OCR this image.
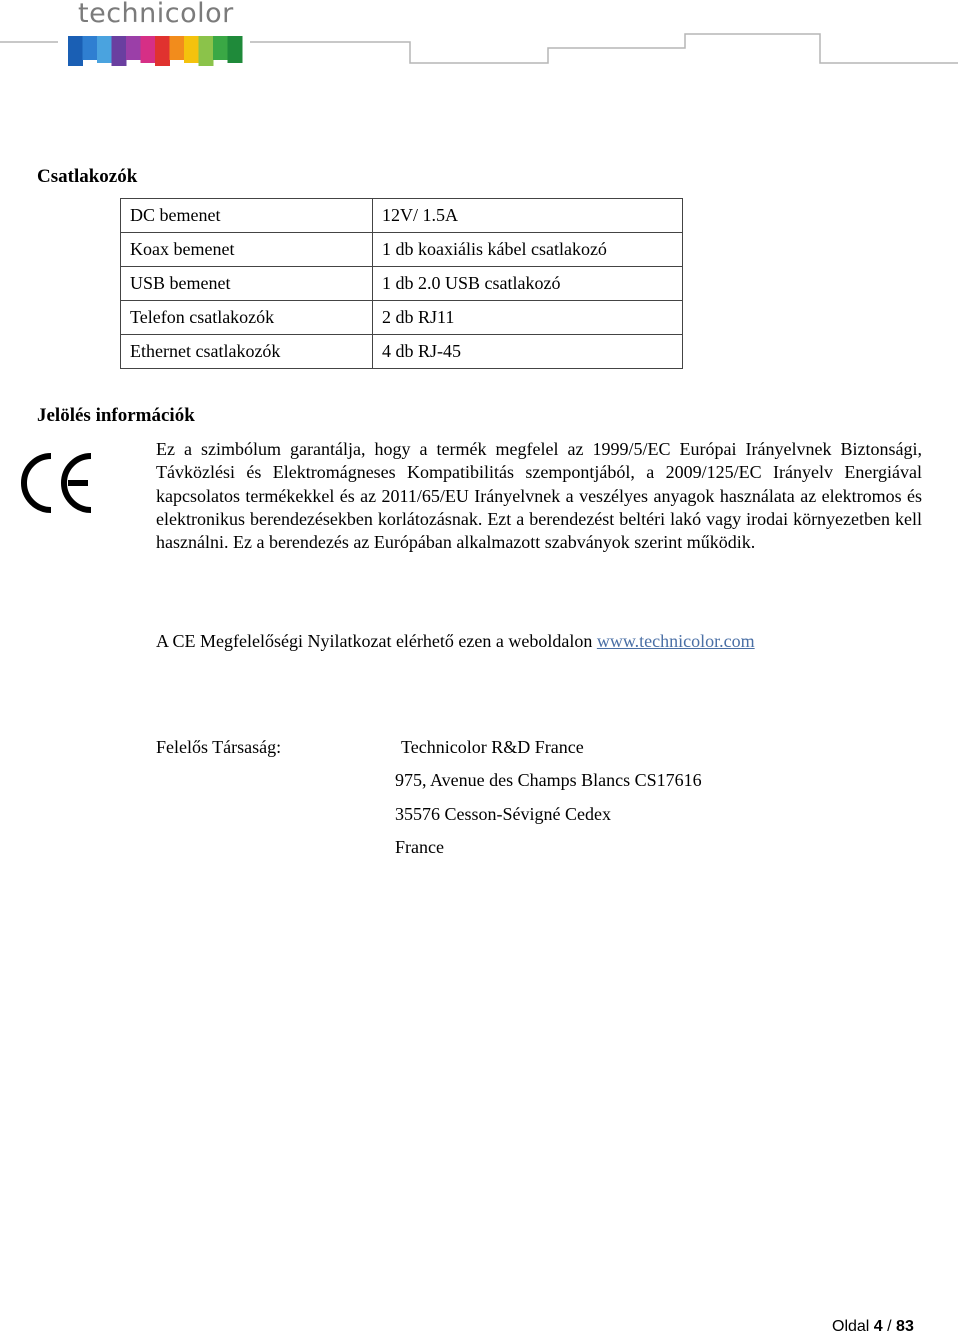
technicolor
Csatlakozók
DC bemenet	12V/ 1.5A
Koax bemenet	1 db koaxiális kábel csatlakozó
USB bemenet	1 db 2.0 USB csatlakozó
Telefon csatlakozók	2 db RJ11
Ethernet csatlakozók	4 db RJ-45
Jelölés információk
Ez a szimbólum garantálja, hogy a termék megfelel az 1999/5/EC Európai Irányelvnek Biztonsági, Távközlési és Elektromágneses Kompatibilitás szempontjából, a 2009/125/EC Irányelv Energiával kapcsolatos termékekkel és az 2011/65/EU Irányelvnek a veszélyes anyagok használata az elektromos és elektronikus berendezésekben korlátozásnak. Ezt a berendezést beltéri lakó vagy irodai környezetben kell használni. Ez a berendezés az Európában alkalmazott szabványok szerint működik.
A CE Megfelelőségi Nyilatkozat elérhető ezen a weboldalon www.technicolor.com
Felelős Társaság:	Technicolor R&D France
975, Avenue des Champs Blancs CS17616
35576 Cesson-Sévigné Cedex
France
Oldal 4 / 83
